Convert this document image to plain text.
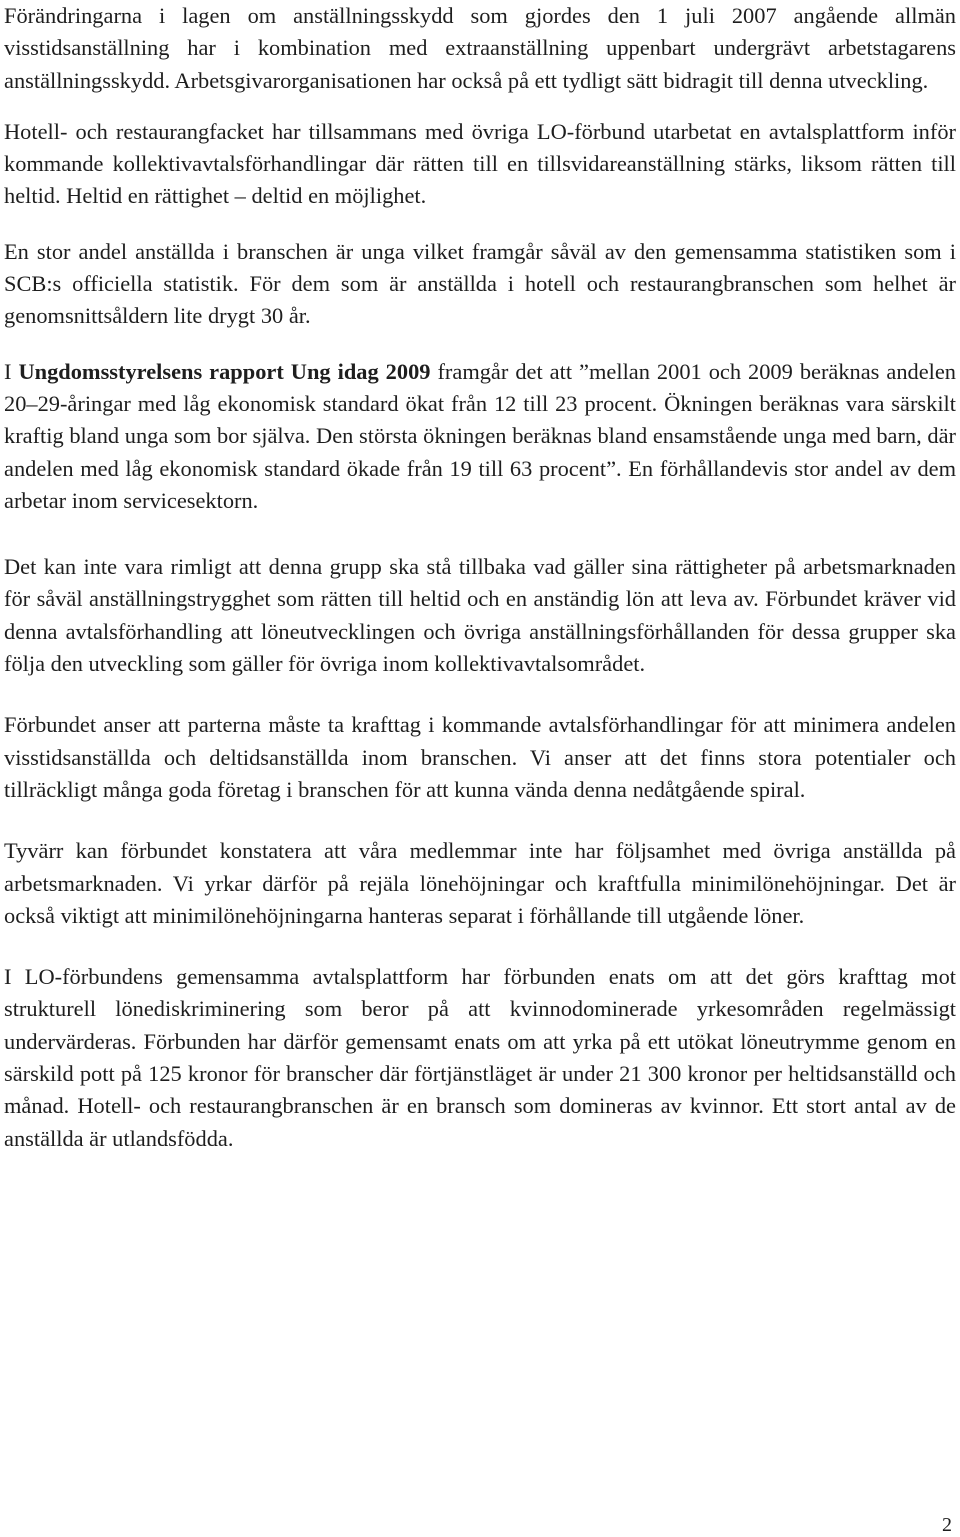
Förändringarna i lagen om anställningsskydd som gjordes den 1 juli 2007 angående allmän visstidsanställning har i kombination med extraanställning uppenbart undergrävt arbetstagarens anställningsskydd. Arbetsgivarorganisationen har också på ett tydligt sätt bidragit till denna utveckling.

Hotell- och restaurangfacket har tillsammans med övriga LO-förbund utarbetat en avtalsplattform inför kommande kollektivavtalsförhandlingar där rätten till en tillsvidareanställning stärks, liksom rätten till heltid. Heltid en rättighet – deltid en möjlighet.

En stor andel anställda i branschen är unga vilket framgår såväl av den gemensamma statistiken som i SCB:s officiella statistik. För dem som är anställda i hotell och restaurangbranschen som helhet är genomsnittsåldern lite drygt 30 år.

I Ungdomsstyrelsens rapport Ung idag 2009 framgår det att ”mellan 2001 och 2009 beräknas andelen 20–29-åringar med låg ekonomisk standard ökat från 12 till 23 procent. Ökningen beräknas vara särskilt kraftig bland unga som bor själva. Den största ökningen beräknas bland ensamstående unga med barn, där andelen med låg ekonomisk standard ökade från 19 till 63 procent”. En förhållandevis stor andel av dem arbetar inom servicesektorn.

Det kan inte vara rimligt att denna grupp ska stå tillbaka vad gäller sina rättigheter på arbetsmarknaden för såväl anställningstrygghet som rätten till heltid och en anständig lön att leva av. Förbundet kräver vid denna avtalsförhandling att löneutvecklingen och övriga anställningsförhållanden för dessa grupper ska följa den utveckling som gäller för övriga inom kollektivavtalsområdet.

Förbundet anser att parterna måste ta krafttag i kommande avtalsförhandlingar för att minimera andelen visstidsanställda och deltidsanställda inom branschen. Vi anser att det finns stora potentialer och tillräckligt många goda företag i branschen för att kunna vända denna nedåtgående spiral.

Tyvärr kan förbundet konstatera att våra medlemmar inte har följsamhet med övriga anställda på arbetsmarknaden. Vi yrkar därför på rejäla lönehöjningar och kraftfulla minimilönehöjningar. Det är också viktigt att minimilönehöjningarna hanteras separat i förhållande till utgående löner.

I LO-förbundens gemensamma avtalsplattform har förbunden enats om att det görs krafttag mot strukturell lönediskriminering som beror på att kvinnodominerade yrkesområden regelmässigt undervärderas. Förbunden har därför gemensamt enats om att yrka på ett utökat löneutrymme genom en särskild pott på 125 kronor för branscher där förtjänstläget är under 21 300 kronor per heltidsanställd och månad. Hotell- och restaurangbranschen är en bransch som domineras av kvinnor. Ett stort antal av de anställda är utlandsfödda.

2
